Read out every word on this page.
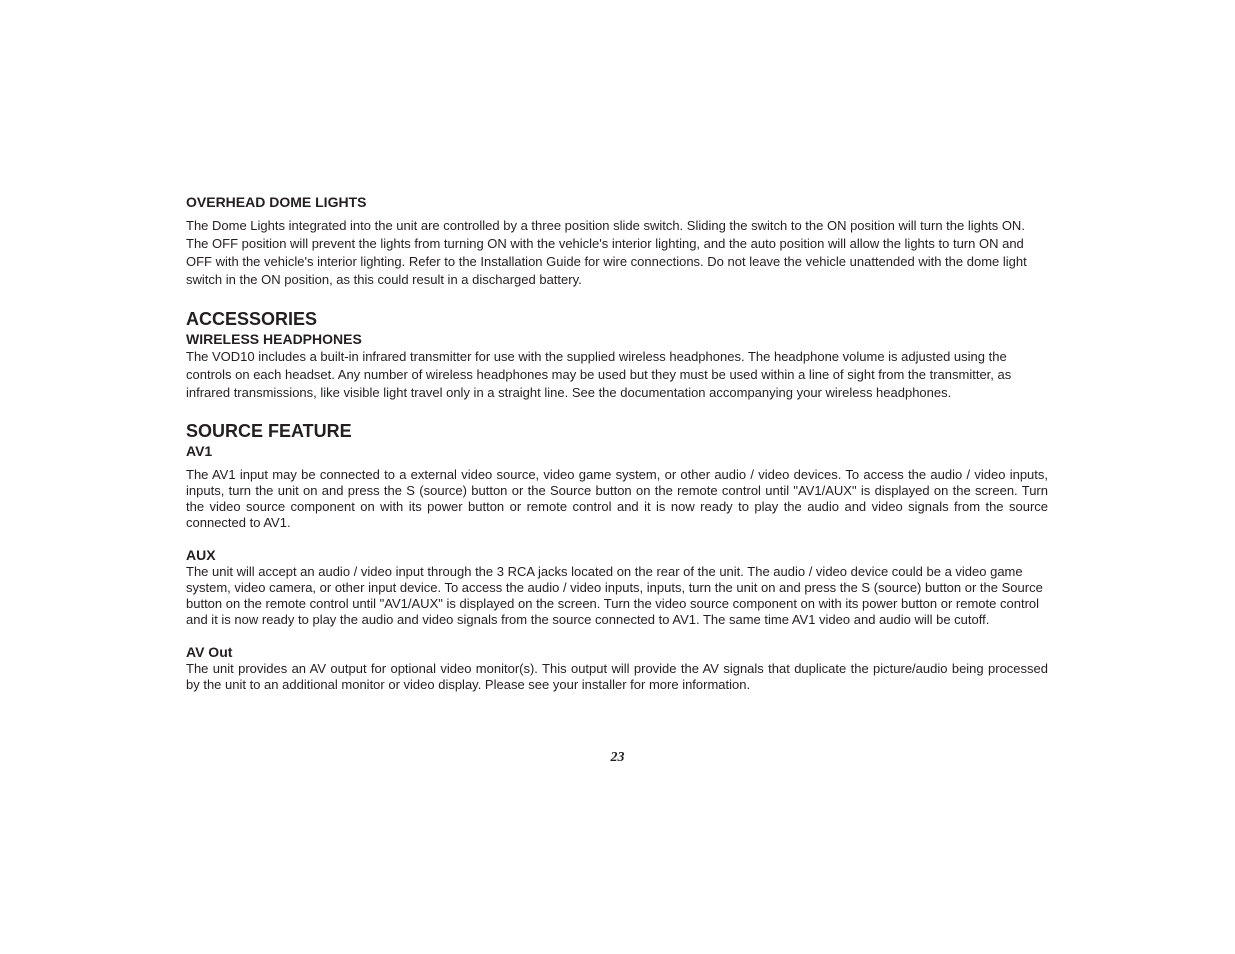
OVERHEAD DOME LIGHTS

The Dome Lights integrated into the unit are controlled by a three position slide switch. Sliding the switch to the ON position will turn the lights ON. The OFF position will prevent the lights from turning ON with the vehicle's interior lighting, and the auto position will allow the lights to turn ON and OFF with the vehicle's interior lighting. Refer to the Installation Guide for wire connections. Do not leave the vehicle unattended with the dome light switch in the ON position, as this could result in a discharged battery.

ACCESSORIES
WIRELESS HEADPHONES

The VOD10 includes a built-in infrared transmitter for use with the supplied wireless headphones. The headphone volume is adjusted using the controls on each headset. Any number of wireless headphones may be used but they must be used within a line of sight from the transmitter, as infrared transmissions, like visible light travel only in a straight line. See the documentation accompanying your wireless headphones.

SOURCE FEATURE
AV1

The AV1 input may be connected to a external video source, video game system, or other audio / video devices. To access the audio / video inputs, inputs, turn the unit on and press the S (source) button or the Source button on the remote control until "AV1/AUX" is displayed on the screen. Turn the video source component on with its power button or remote control and it is now ready to play the audio and video signals from the source connected to AV1.

AUX

The unit will accept an audio / video input through the 3 RCA jacks located on the rear of the unit. The audio / video device could be a video game system, video camera, or other input device. To access the audio / video inputs, inputs, turn the unit on and press the S (source) button or the Source button on the remote control until "AV1/AUX" is displayed on the screen. Turn the video source component on with its power button or remote control and it is now ready to play the audio and video signals from the source connected to AV1. The same time AV1 video and audio will be cutoff.

AV Out

The unit provides an AV output for optional video monitor(s). This output will provide the AV signals that duplicate the picture/audio being processed by the unit to an additional monitor or video display. Please see your installer for more information.

23
